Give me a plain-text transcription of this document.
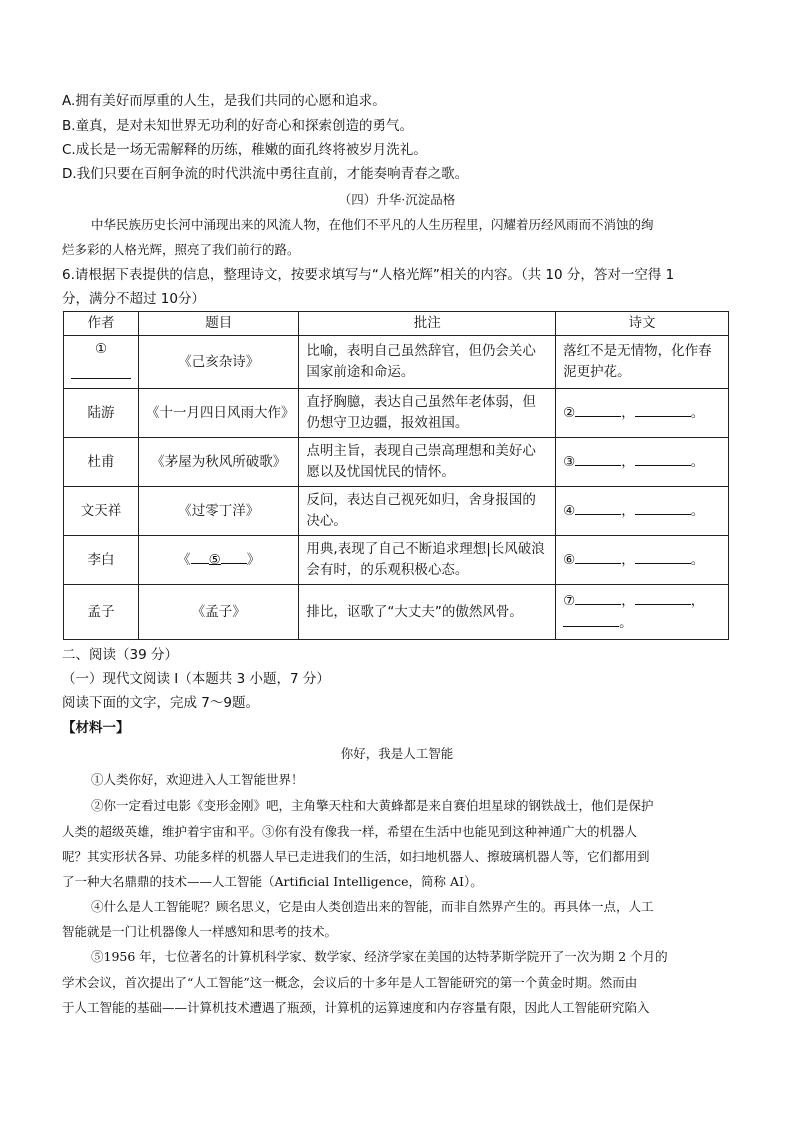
A.拥有美好而厚重的人生，是我们共同的心愿和追求。
B.童真，是对未知世界无功利的好奇心和探索创造的勇气。
C.成长是一场无需解释的历练，稚嫩的面孔终将被岁月洗礼。
D.我们只要在百舸争流的时代洪流中勇往直前，才能奏响青春之歌。
（四）升华·沉淀品格
中华民族历史长河中涌现出来的风流人物，在他们不平凡的人生历程里，闪耀着历经风雨而不消蚀的绚
烂多彩的人格光辉，照亮了我们前行的路。
6.请根据下表提供的信息，整理诗文，按要求填写与“人格光辉”相关的内容。（共 10 分，答对一空得 1
分，满分不超过 10分）
作者	题目	批注	诗文

①	《己亥杂诗》	比喻，表明自己虽然辞官，但仍会关心国家前途和命运。	落红不是无情物，化作春泥更护花。
陆游	《十一月四日风雨大作》	直抒胸臆，表达自己虽然年老体弱，但仍想守卫边疆，报效祖国。	② ， 。
杜甫	《茅屋为秋风所破歌》	点明主旨，表现自己崇高理想和美好心愿以及忧国忧民的情怀。	③ ， 。
文天祥	《过零丁洋》	反问，表达自己视死如归，舍身报国的决心。	④ ， 。
李白	《 ⑤ 》	用典,表现了自己不断追求理想|长风破浪会有时，的乐观积极心态。	⑥ ， 。
孟子	《孟子》	排比，讴歌了“大丈夫”的傲然风骨。	⑦ ， ，
。
二、阅读（39 分）
（一）现代文阅读 I（本题共 3 小题，7 分）
阅读下面的文字，完成 7～9题。
【材料一】
你好，我是人工智能
①人类你好，欢迎进入人工智能世界！
②你一定看过电影《变形金刚》吧，主角擎天柱和大黄蜂都是来自赛伯坦星球的钢铁战士，他们是保护
人类的超级英雄，维护着宇宙和平。③你有没有像我一样，希望在生活中也能见到这种神通广大的机器人
呢？其实形状各异、功能多样的机器人早已走进我们的生活，如扫地机器人、擦玻璃机器人等，它们都用到
了一种大名鼎鼎的技术——人工智能（Artificial Intelligence，简称 AI）。
④什么是人工智能呢？顾名思义，它是由人类创造出来的智能，而非自然界产生的。再具体一点，人工
智能就是一门让机器像人一样感知和思考的技术。
⑤1956 年，七位著名的计算机科学家、数学家、经济学家在美国的达特茅斯学院开了一次为期 2 个月的
学术会议，首次提出了“人工智能”这一概念，会议后的十多年是人工智能研究的第一个黄金时期。然而由
于人工智能的基础——计算机技术遭遇了瓶颈，计算机的运算速度和内存容量有限，因此人工智能研究陷入
